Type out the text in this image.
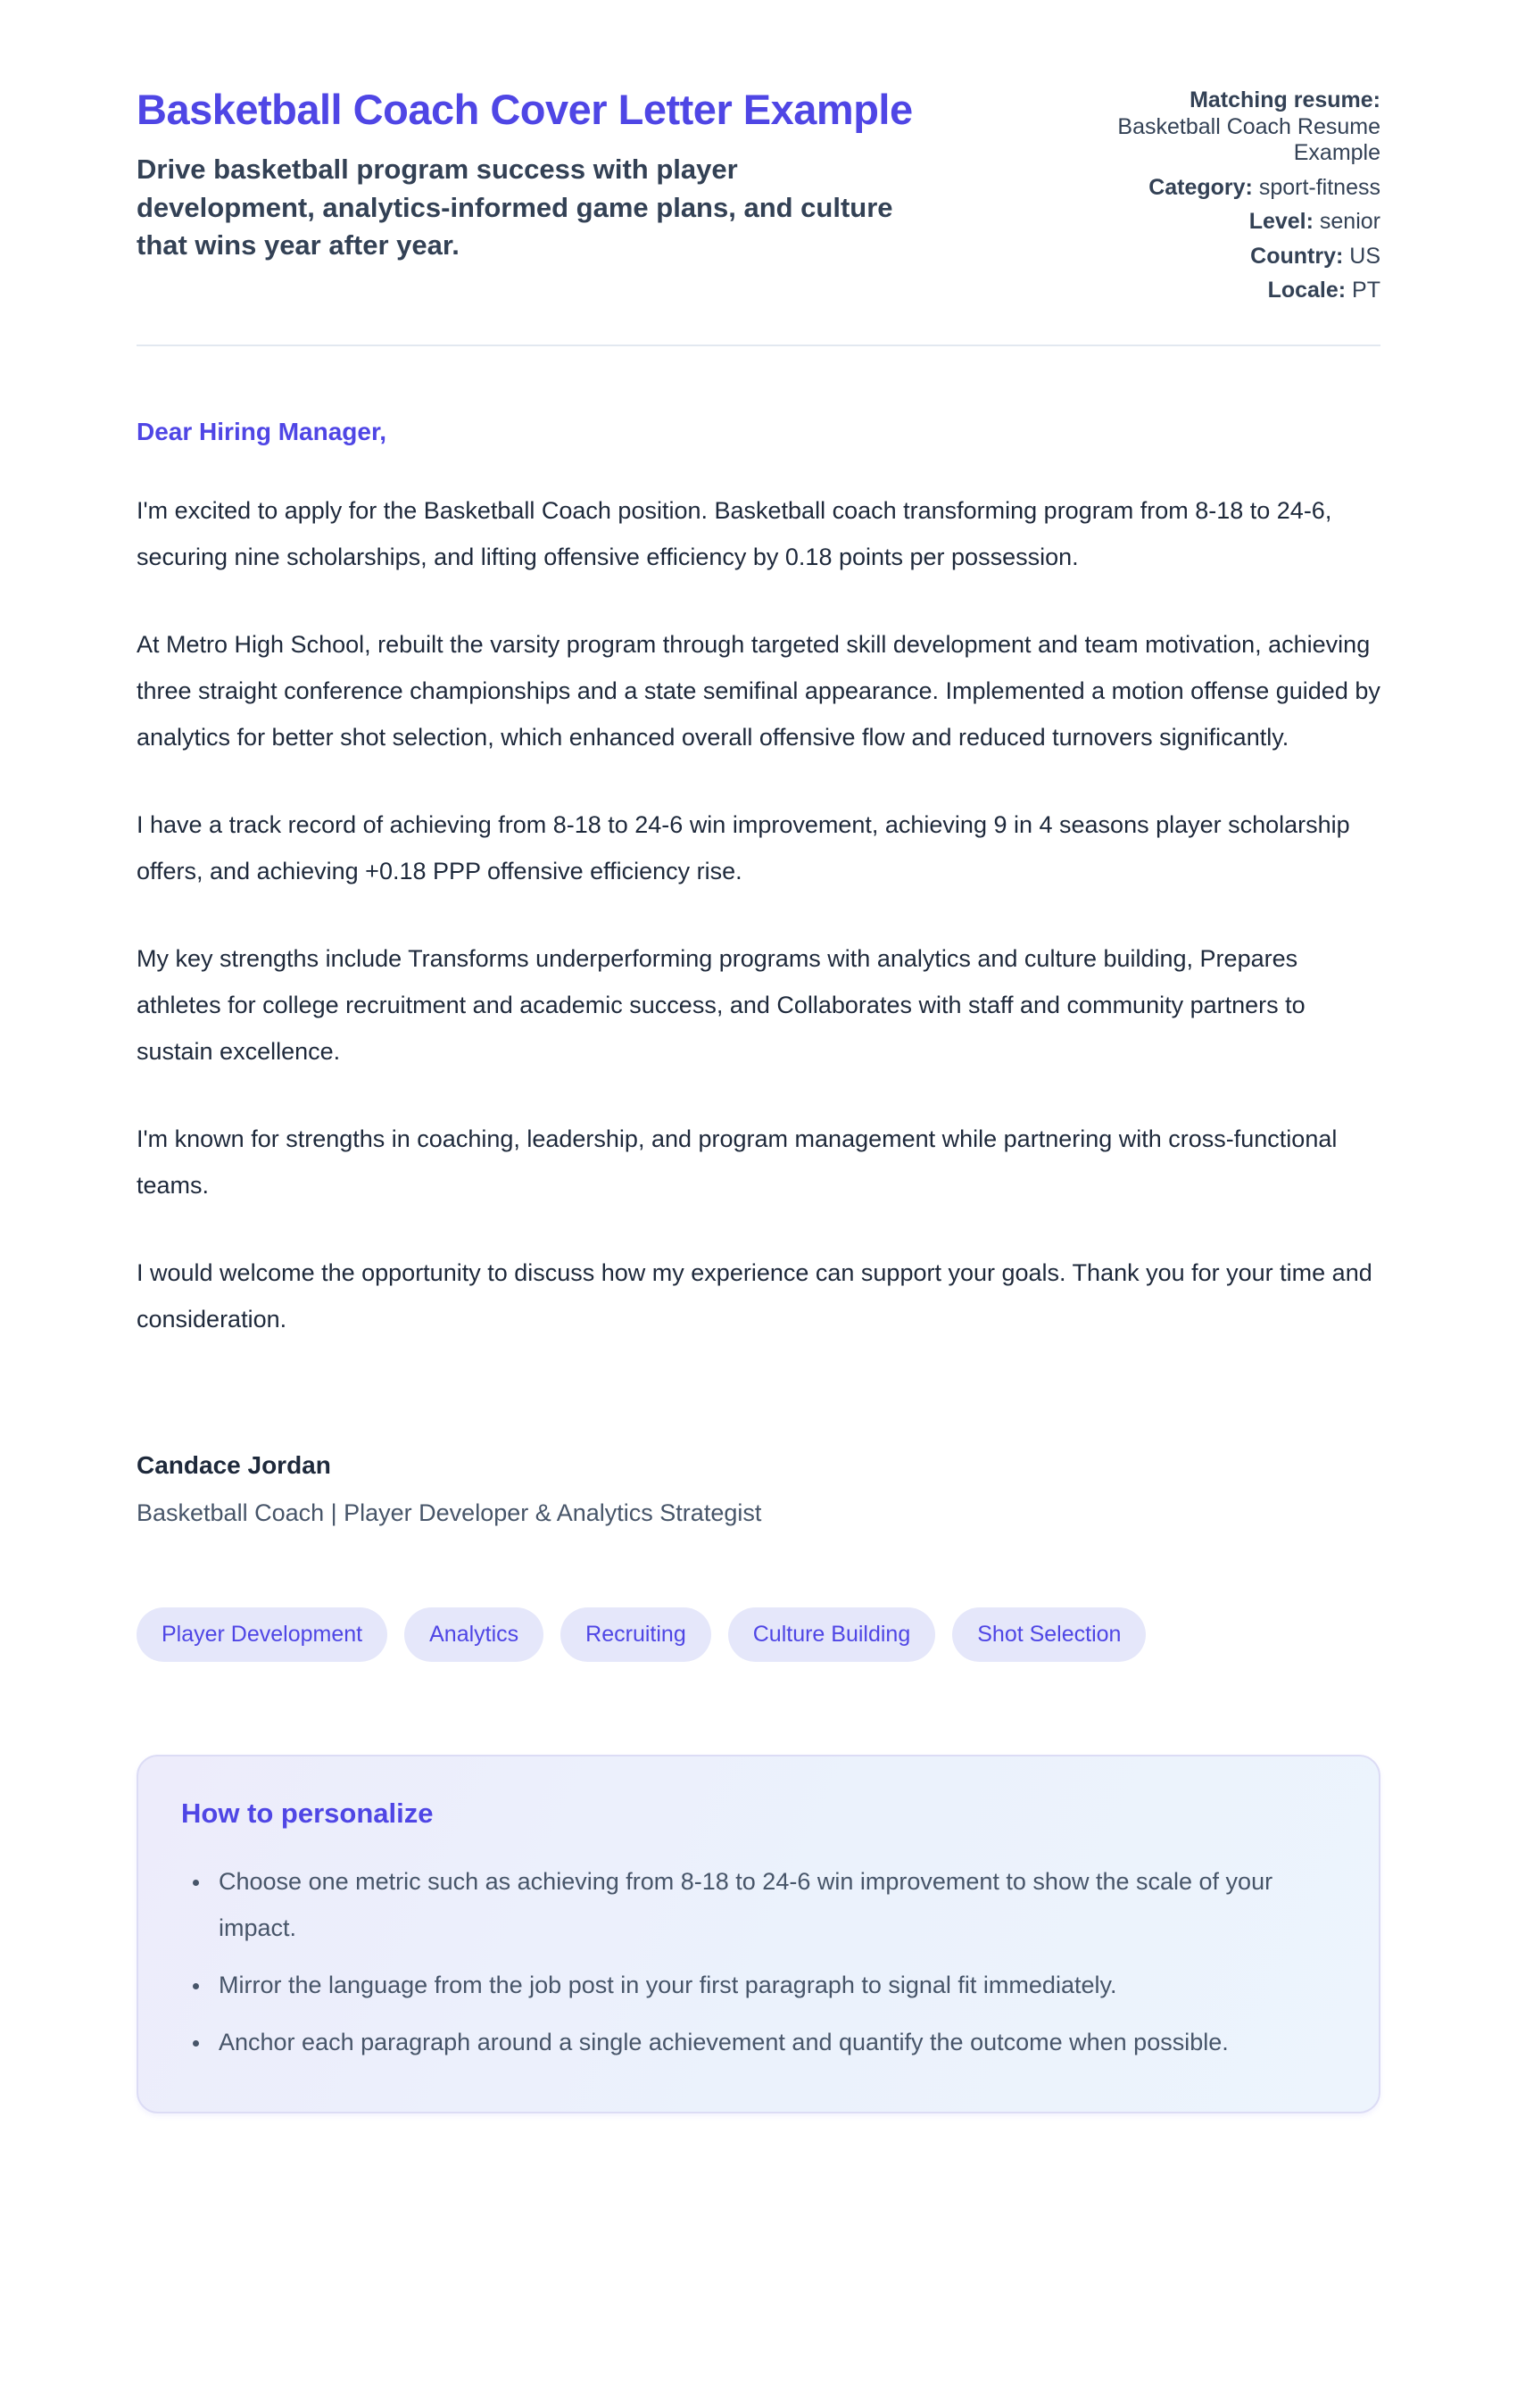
Basketball Coach Cover Letter Example
Drive basketball program success with player development, analytics-informed game plans, and culture that wins year after year.
Matching resume: Basketball Coach Resume Example
Category: sport-fitness
Level: senior
Country: US
Locale: PT
Dear Hiring Manager,

I'm excited to apply for the Basketball Coach position. Basketball coach transforming program from 8-18 to 24-6, securing nine scholarships, and lifting offensive efficiency by 0.18 points per possession.

At Metro High School, rebuilt the varsity program through targeted skill development and team motivation, achieving three straight conference championships and a state semifinal appearance. Implemented a motion offense guided by analytics for better shot selection, which enhanced overall offensive flow and reduced turnovers significantly.

I have a track record of achieving from 8-18 to 24-6 win improvement, achieving 9 in 4 seasons player scholarship offers, and achieving +0.18 PPP offensive efficiency rise.

My key strengths include Transforms underperforming programs with analytics and culture building, Prepares athletes for college recruitment and academic success, and Collaborates with staff and community partners to sustain excellence.

I'm known for strengths in coaching, leadership, and program management while partnering with cross-functional teams.

I would welcome the opportunity to discuss how my experience can support your goals. Thank you for your time and consideration.

Candace Jordan
Basketball Coach | Player Developer & Analytics Strategist
Player Development	Analytics	Recruiting	Culture Building	Shot Selection
How to personalize
• Choose one metric such as achieving from 8-18 to 24-6 win improvement to show the scale of your impact.
• Mirror the language from the job post in your first paragraph to signal fit immediately.
• Anchor each paragraph around a single achievement and quantify the outcome when possible.
